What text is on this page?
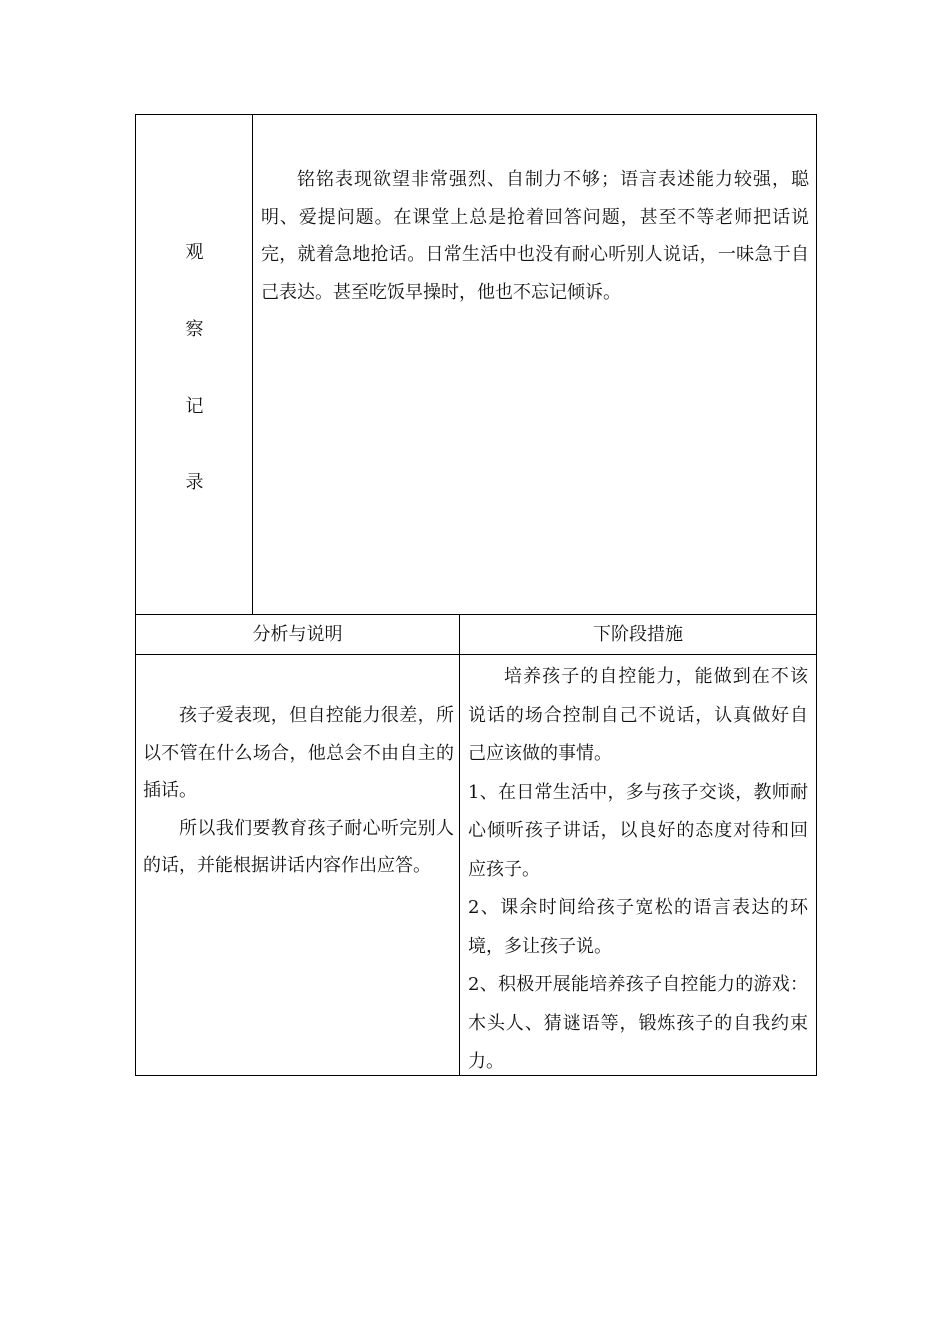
观
察
记
录

铭铭表现欲望非常强烈、自制力不够；语言表述能力较强，聪明、爱提问题。在课堂上总是抢着回答问题，甚至不等老师把话说完，就着急地抢话。日常生活中也没有耐心听别人说话，一味急于自己表达。甚至吃饭早操时，他也不忘记倾诉。

分析与说明	下阶段措施

孩子爱表现，但自控能力很差，所以不管在什么场合，他总会不由自主的插话。

所以我们要教育孩子耐心听完别人的话，并能根据讲话内容作出应答。

培养孩子的自控能力，能做到在不该说话的场合控制自己不说话，认真做好自己应该做的事情。

1、在日常生活中，多与孩子交谈，教师耐心倾听孩子讲话，以良好的态度对待和回应孩子。

2、课余时间给孩子宽松的语言表达的环境，多让孩子说。

2、积极开展能培养孩子自控能力的游戏：木头人、猜谜语等，锻炼孩子的自我约束力。
